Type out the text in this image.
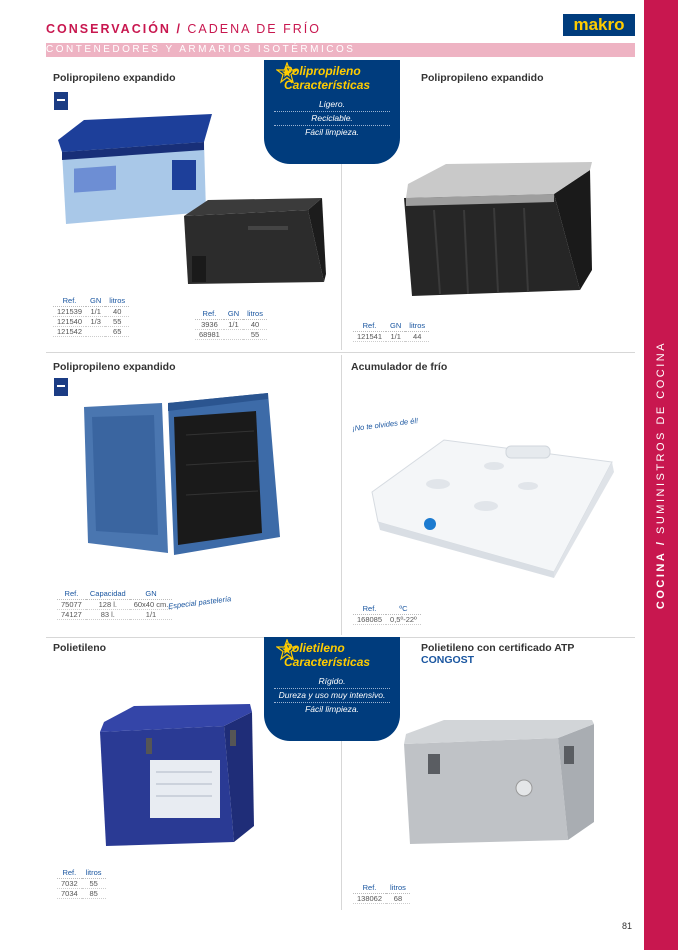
CONSERVACIÓN / CADENA DE FRÍO	makro
CONTENEDORES Y ARMARIOS ISOTÉRMICOS
COCINA / SUMINISTROS DE COCINA
Polipropileno expandido
Ref.	GN	litros
121539	1/1	40
121540	1/3	55
121542		65
Ref.	GN	litros
3936	1/1	40
68981		55
Polipropileno
Características
Ligero.
Reciclable.
Fácil limpieza.
Polipropileno expandido
Ref.	GN	litros
121541	1/1	44
Polipropileno expandido
Ref.	Capacidad	GN
75077	128 l.	60x40 cm.
74127	83 l.	1/1
Especial pastelería
Acumulador de frío
¡No te olvides de él!
Ref.	ºC
168085	0,5º-22º
Polietileno
Características
Rígido.
Dureza y uso muy intensivo.
Fácil limpieza.
Polietileno
Ref.	litros
7032	55
7034	85
Polietileno con certificado ATP
CONGOST
Ref.	litros
138062	68
81
